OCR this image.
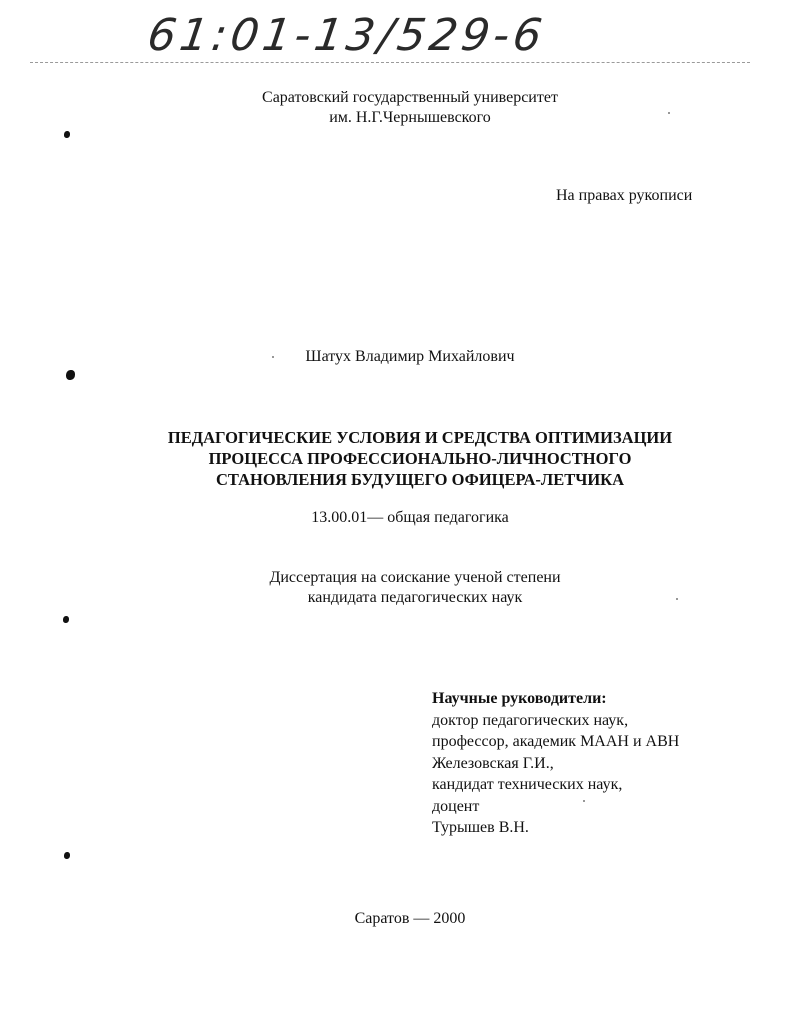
61:01-13/529-6
Саратовский государственный университет
им. Н.Г.Чернышевского
На правах рукописи
Шатух Владимир Михайлович
ПЕДАГОГИЧЕСКИЕ УСЛОВИЯ И СРЕДСТВА ОПТИМИЗАЦИИ
ПРОЦЕССА ПРОФЕССИОНАЛЬНО-ЛИЧНОСТНОГО
СТАНОВЛЕНИЯ БУДУЩЕГО ОФИЦЕРА-ЛЕТЧИКА
13.00.01— общая педагогика
Диссертация на соискание ученой степени
кандидата педагогических наук
Научные руководители:
доктор педагогических наук,
профессор, академик МААН и АВН
Железовская Г.И.,
кандидат технических наук,
доцент
Турышев В.Н.
Саратов — 2000
